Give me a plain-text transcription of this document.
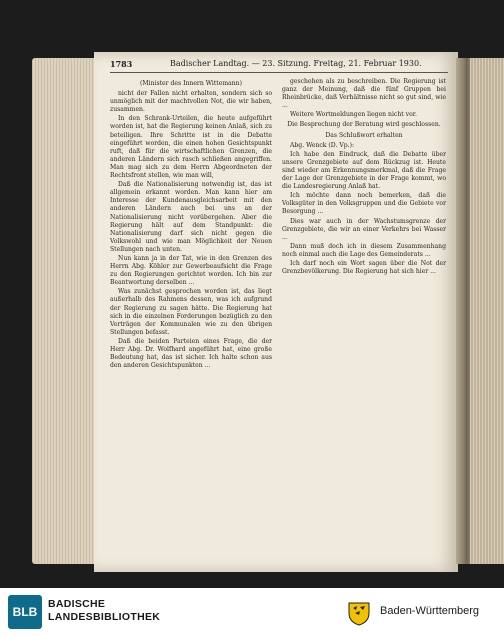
1783	Badischer Landtag. — 23. Sitzung. Freitag, 21. Februar 1930.

(Minister des Innern Wittemann)

nicht der Fallen nicht erhalten, sondern sich so unmöglich mit der machtvollen Not, die wir haben, zusammen.

In den Schrank-Urteilen, die heute aufgeführt worden ist, hat die Regierung keinen Anlaß, sich zu beteiligen. Ihre Schritte ist in die Debatte eingeführt worden, die einen hohen Gesichtspunkt ruft, daß für die wirtschaftlichen Grenzen, die anderen Ländern sich rasch schließen angegriffen. Man mag sich zu dem Herrn Abgeordneten der Rechtsfront stellen, wie man will,

Daß die Nationalisierung notwendig ist, das ist allgemein erkannt worden. Man kann hier am Interesse der Kundenausgleichsarbeit mit den anderen Ländern auch bei uns an der Nationalisierung nicht vorübergehen. Aber die Regierung hält auf dem Standpunkt: die Nationalisierung darf sich nicht gegen die Volkswohl und wie man Möglichkeit der Neuen Stellungen nach unten.

Nun kann ja in der Tat, wie in den Grenzen des Herrn Abg. Köhler zur Gewerbeaufsicht die Frage zu den Regierungen gerichtet worden. Ich bin zur Beantwortung derselben ...

Was zunächst gesprochen worden ist, das liegt außerhalb des Rahmens dessen, was ich aufgrund der Regierung zu sagen hätte. Die Regierung hat sich in die einzelnen Forderungen bezüglich zu den Verträgen der Kommunalen wie zu den übrigen Stellungen befasst.

Daß die beiden Parteien eines Frage, die der Herr Abg. Dr. Wolfhard angeführt hat, eine große Bedeutung hat, das ist sicher. Ich halte schon aus den anderen Gesichtspunkten ...

geschehen als zu beschreiben. Die Regierung ist ganz der Meinung, daß die fünf Gruppen bei Rheinbrücke, daß Verhältnisse nicht so gut sind, wie ...

Weitere Wortmeldungen liegen nicht vor.

Die Besprechung der Beratung wird geschlossen.

Das Schlußwort erhalten

Abg. Wenck (D. Vp.):

Ich habe den Eindruck, daß die Debatte über unsere Grenzgebiete auf dem Rückzug ist. Heute sind wieder am Erkennungsmerkmal, daß die Frage der Lage der Grenzgebiete in der Frage kommt, wo die Landesregierung Anlaß hat.

Ich möchte dann noch bemerken, daß die Volksgüter in den Volksgruppen und die Gebiete vor Besorgung ...

Dies war auch in der Wachstumsgrenze der Grenzgebiete, die wir an einer Verkehrs bei Wasser ...

Dann muß doch ich in diesem Zusammenhang noch einmal auch die Lage des Gemeinderats ...

Ich darf noch ein Wort sagen über die Not der Grenzbevölkerung. Die Regierung hat sich hier ...

BLB
BADISCHE
LANDESBIBLIOTHEK	Baden-Württemberg
